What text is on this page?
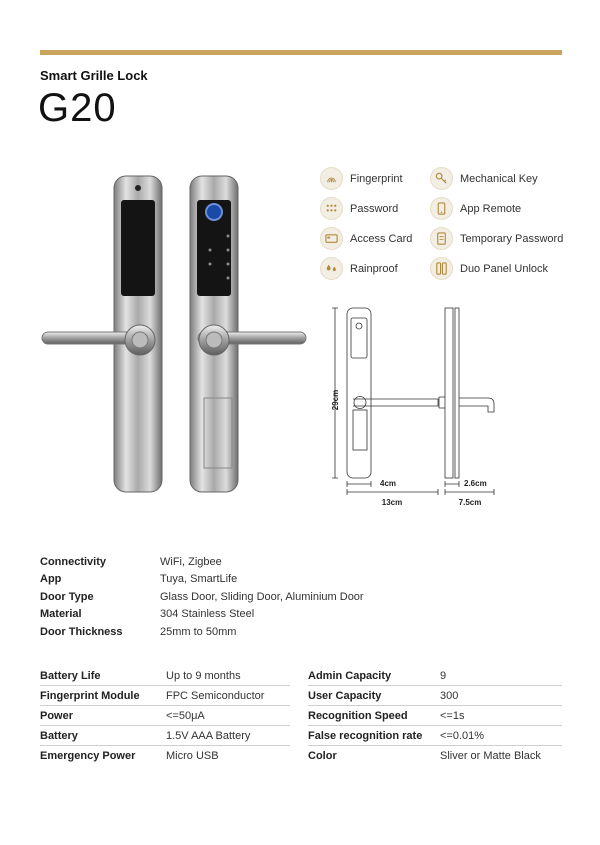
Smart Grille Lock
G20
Fingerprint	Mechanical Key
Password	App Remote
Access Card	Temporary Password
Rainproof	Duo Panel Unlock
29cm
4cm
13cm
2.6cm
7.5cm
Connectivity	WiFi, Zigbee
App	Tuya, SmartLife
Door Type	Glass Door, Sliding Door, Aluminium Door
Material	304 Stainless Steel
Door Thickness	25mm to 50mm
Battery Life	Up to 9 months
Fingerprint Module	FPC Semiconductor
Power	<=50μA
Battery	1.5V AAA Battery
Emergency Power	Micro USB
Admin Capacity	9
User Capacity	300
Recognition Speed	<=1s
False recognition rate	<=0.01%
Color	Sliver or Matte Black
